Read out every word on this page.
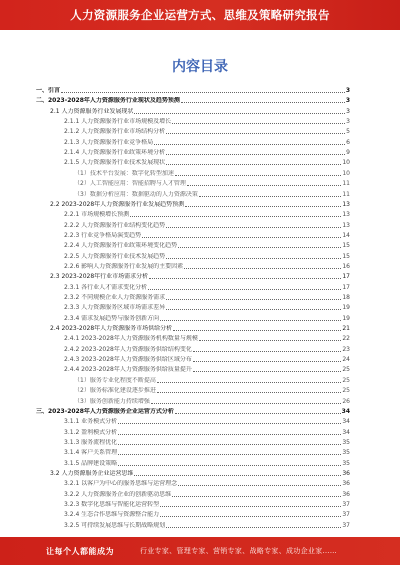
人力资源服务企业运营方式、思维及策略研究报告
内容目录
一、引言	3
二、2023-2028年人力资源服务行业现状及趋势预测	3
2.1 人力资源服务行业发展现状	3
2.1.1 人力资源服务行业市场规模及增长	3
2.1.2 人力资源服务行业市场结构分析	5
2.1.3 人力资源服务行业竞争格局	6
2.1.4 人力资源服务行业政策环境分析	9
2.1.5 人力资源服务行业技术发展现状	10
（1）技术平台发展：数字化转型加速	10
（2）人工智能应用：智能招聘与人才管理	11
（3）数据分析应用：数据驱动的人力资源决策	11
2.2 2023-2028年人力资源服务行业发展趋势预测	13
2.2.1 市场规模增长预测	13
2.2.2 人力资源服务行业结构变化趋势	13
2.2.3 行业竞争格局演变趋势	14
2.2.4 人力资源服务行业政策环境变化趋势	15
2.2.5 人力资源服务行业技术发展趋势	15
2.2.6 影响人力资源服务行业发展的主要因素	16
2.3 2023-2028年行业市场需求分析	17
2.3.1 各行业人才需求变化分析	17
2.3.2 不同规模企业人力资源服务需求	18
2.3.3 人力资源服务区域市场需求差异	19
2.3.4 需求发展趋势与服务创新方向	19
2.4 2023-2028年人力资源服务市场供给分析	21
2.4.1 2023-2028年人力资源服务机构数量与规模	22
2.4.2 2023-2028年人力资源服务供给结构变化	23
2.4.3 2023-2028年人力资源服务供给区域分布	24
2.4.4 2023-2028年人力资源服务供给质量提升	25
（1）服务专业化程度不断提高	25
（2）服务标准化建设逐步推进	25
（3）服务创新能力持续增强	26
三、2023-2028年人力资源服务企业运营方式分析	34
3.1.1 业务模式分析	34
3.1.2 盈利模式分析	34
3.1.3 服务流程优化	35
3.1.4 客户关系管理	35
3.1.5 品牌建设策略	35
3.2 人力资源服务企业运营思维	36
3.2.1 以客户为中心的服务思维与运营理念	36
3.2.2 人力资源服务企业的创新驱动思维	36
3.2.3 数字化思维与智能化运营转型	37
3.2.4 生态合作思维与资源整合能力	37
3.2.5 可持续发展思维与长期战略规划	37
让每个人都能成为	行业专家、管理专家、营销专家、战略专家、成功企业家……
